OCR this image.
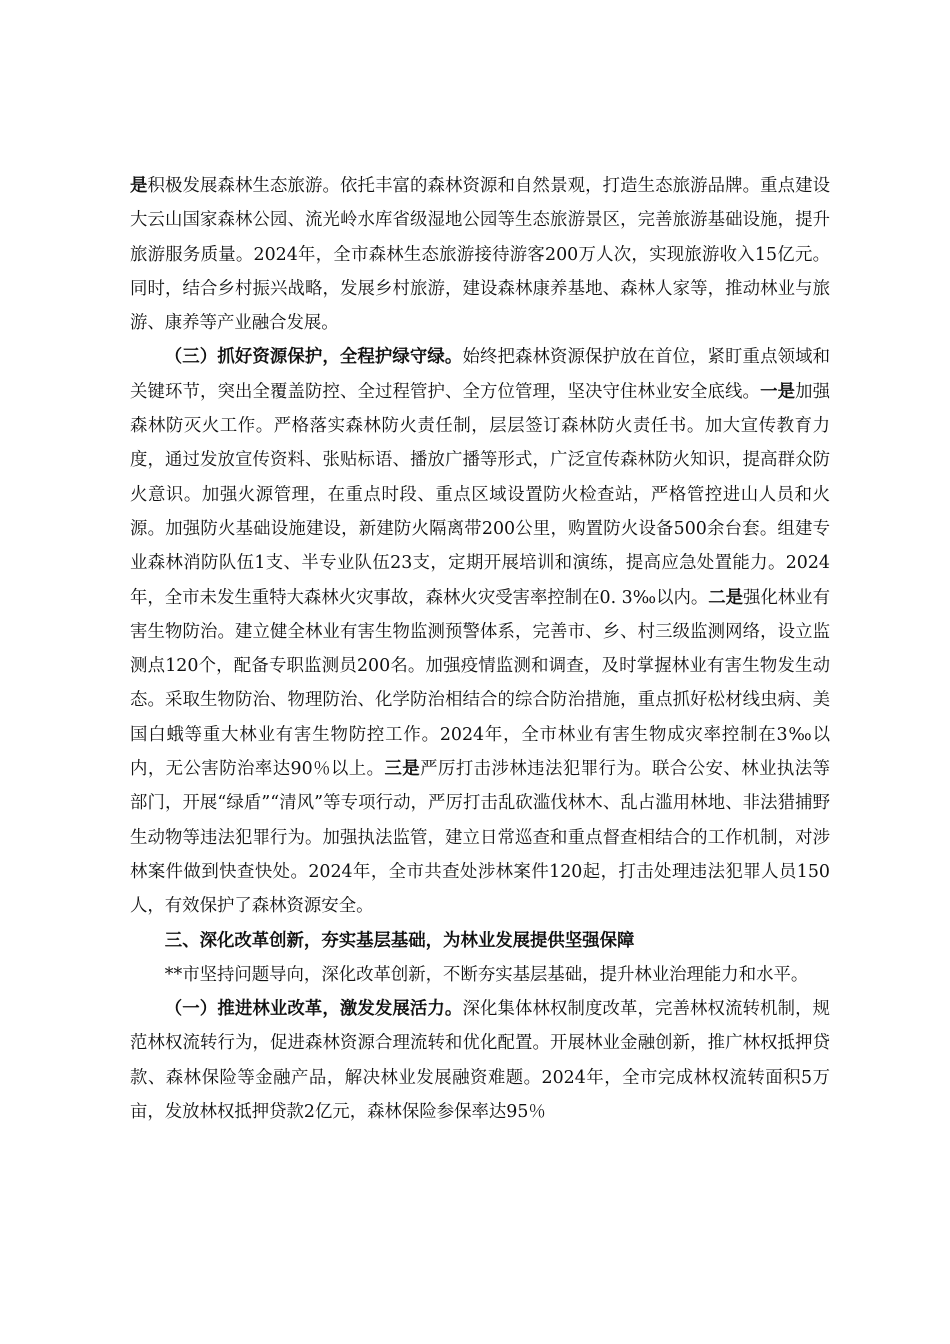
是积极发展森林生态旅游。依托丰富的森林资源和自然景观，打造生态旅游品牌。重点建设大云山国家森林公园、流光岭水库省级湿地公园等生态旅游景区，完善旅游基础设施，提升旅游服务质量。2024年，全市森林生态旅游接待游客200万人次，实现旅游收入15亿元。同时，结合乡村振兴战略，发展乡村旅游，建设森林康养基地、森林人家等，推动林业与旅游、康养等产业融合发展。

（三）抓好资源保护，全程护绿守绿。始终把森林资源保护放在首位，紧盯重点领域和关键环节，突出全覆盖防控、全过程管护、全方位管理，坚决守住林业安全底线。一是加强森林防灭火工作。严格落实森林防火责任制，层层签订森林防火责任书。加大宣传教育力度，通过发放宣传资料、张贴标语、播放广播等形式，广泛宣传森林防火知识，提高群众防火意识。加强火源管理，在重点时段、重点区域设置防火检查站，严格管控进山人员和火源。加强防火基础设施建设，新建防火隔离带200公里，购置防火设备500余台套。组建专业森林消防队伍1支、半专业队伍23支，定期开展培训和演练，提高应急处置能力。2024年，全市未发生重特大森林火灾事故，森林火灾受害率控制在0. 3‰以内。二是强化林业有害生物防治。建立健全林业有害生物监测预警体系，完善市、乡、村三级监测网络，设立监测点120个，配备专职监测员200名。加强疫情监测和调查，及时掌握林业有害生物发生动态。采取生物防治、物理防治、化学防治相结合的综合防治措施，重点抓好松材线虫病、美国白蛾等重大林业有害生物防控工作。2024年，全市林业有害生物成灾率控制在3‰以内，无公害防治率达90％以上。三是严厉打击涉林违法犯罪行为。联合公安、林业执法等部门，开展“绿盾”“清风”等专项行动，严厉打击乱砍滥伐林木、乱占滥用林地、非法猎捕野生动物等违法犯罪行为。加强执法监管，建立日常巡查和重点督查相结合的工作机制，对涉林案件做到快查快处。2024年，全市共查处涉林案件120起，打击处理违法犯罪人员150人，有效保护了森林资源安全。

三、深化改革创新，夯实基层基础，为林业发展提供坚强保障

**市坚持问题导向，深化改革创新，不断夯实基层基础，提升林业治理能力和水平。

（一）推进林业改革，激发发展活力。深化集体林权制度改革，完善林权流转机制，规范林权流转行为，促进森林资源合理流转和优化配置。开展林业金融创新，推广林权抵押贷款、森林保险等金融产品，解决林业发展融资难题。2024年，全市完成林权流转面积5万亩，发放林权抵押贷款2亿元，森林保险参保率达95％
